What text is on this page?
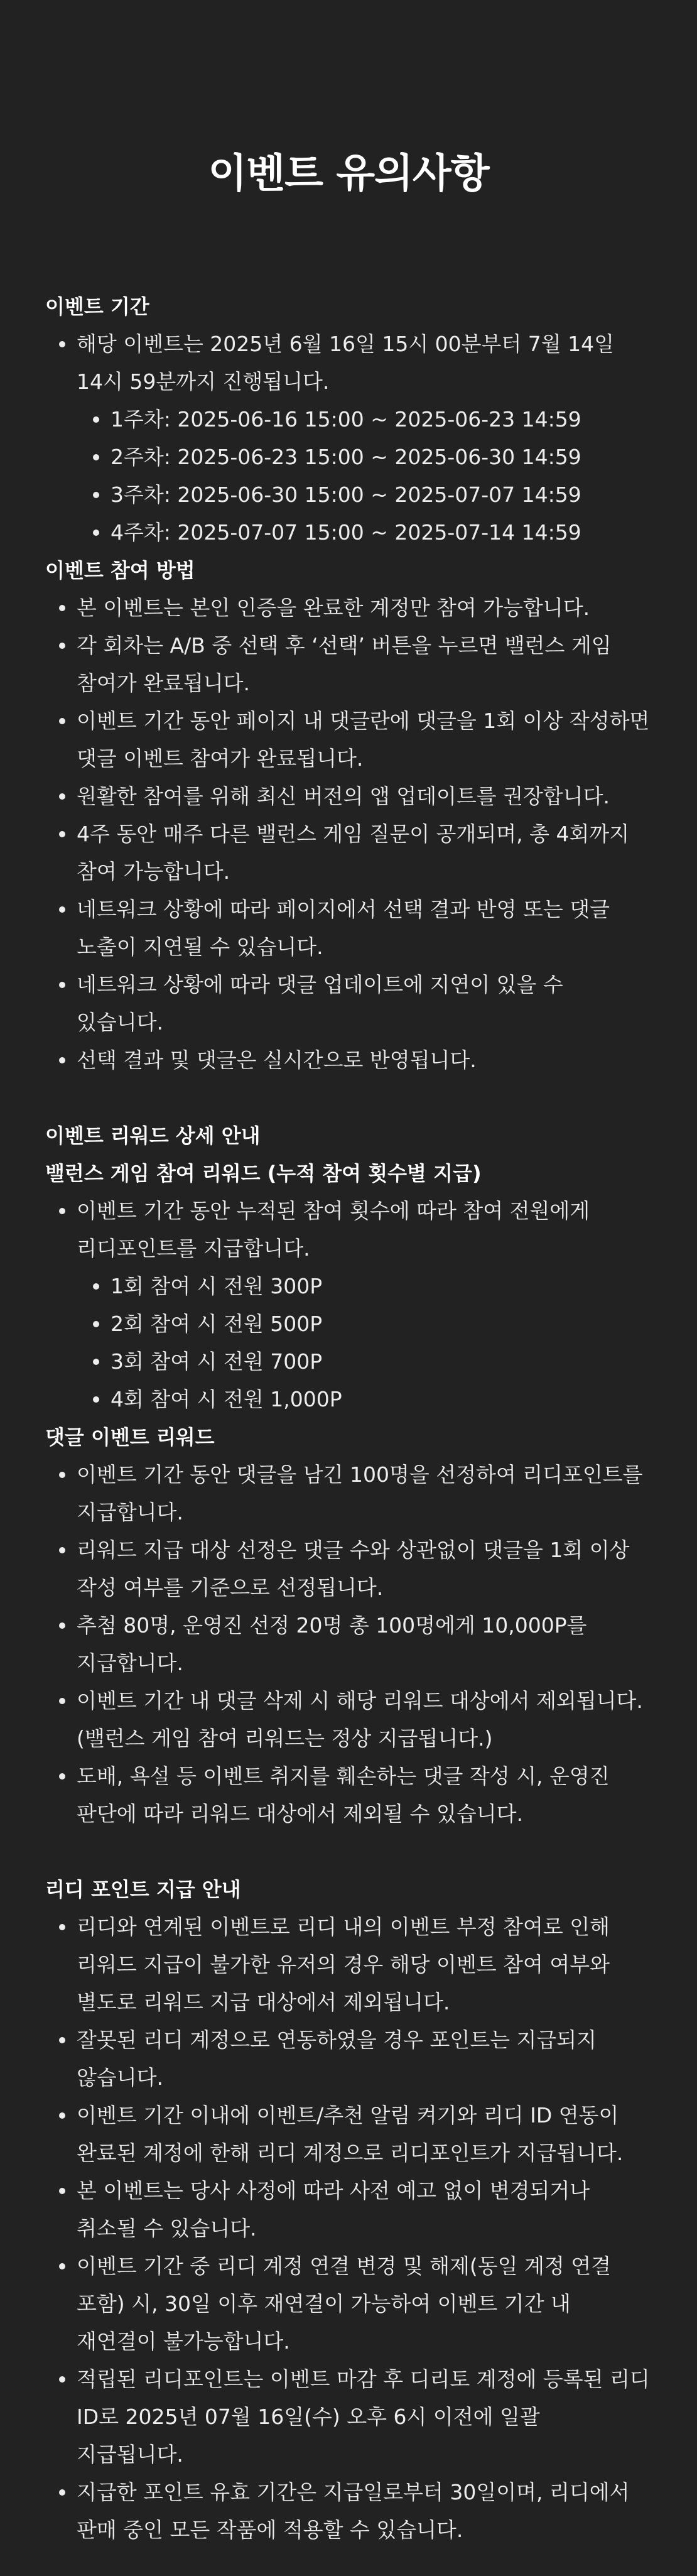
이벤트 유의사항
이벤트 기간
해당 이벤트는 2025년 6월 16일 15시 00분부터 7월 14일 14시 59분까지 진행됩니다.
1주차: 2025-06-16 15:00 ~ 2025-06-23 14:59
2주차: 2025-06-23 15:00 ~ 2025-06-30 14:59
3주차: 2025-06-30 15:00 ~ 2025-07-07 14:59
4주차: 2025-07-07 15:00 ~ 2025-07-14 14:59
이벤트 참여 방법
본 이벤트는 본인 인증을 완료한 계정만 참여 가능합니다.
각 회차는 A/B 중 선택 후 ‘선택’ 버튼을 누르면 밸런스 게임 참여가 완료됩니다.
이벤트 기간 동안 페이지 내 댓글란에 댓글을 1회 이상 작성하면 댓글 이벤트 참여가 완료됩니다.
원활한 참여를 위해 최신 버전의 앱 업데이트를 권장합니다.
4주 동안 매주 다른 밸런스 게임 질문이 공개되며, 총 4회까지 참여 가능합니다.
네트워크 상황에 따라 페이지에서 선택 결과 반영 또는 댓글 노출이 지연될 수 있습니다.
네트워크 상황에 따라 댓글 업데이트에 지연이 있을 수 있습니다.
선택 결과 및 댓글은 실시간으로 반영됩니다.
이벤트 리워드 상세 안내
밸런스 게임 참여 리워드 (누적 참여 횟수별 지급)
이벤트 기간 동안 누적된 참여 횟수에 따라 참여 전원에게 리디포인트를 지급합니다.
1회 참여 시 전원 300P
2회 참여 시 전원 500P
3회 참여 시 전원 700P
4회 참여 시 전원 1,000P
댓글 이벤트 리워드
이벤트 기간 동안 댓글을 남긴 100명을 선정하여 리디포인트를 지급합니다.
리워드 지급 대상 선정은 댓글 수와 상관없이 댓글을 1회 이상 작성 여부를 기준으로 선정됩니다.
추첨 80명, 운영진 선정 20명 총 100명에게 10,000P를 지급합니다.
이벤트 기간 내 댓글 삭제 시 해당 리워드 대상에서 제외됩니다. (밸런스 게임 참여 리워드는 정상 지급됩니다.)
도배, 욕설 등 이벤트 취지를 훼손하는 댓글 작성 시, 운영진 판단에 따라 리워드 대상에서 제외될 수 있습니다.
리디 포인트 지급 안내
리디와 연계된 이벤트로 리디 내의 이벤트 부정 참여로 인해 리워드 지급이 불가한 유저의 경우 해당 이벤트 참여 여부와 별도로 리워드 지급 대상에서 제외됩니다.
잘못된 리디 계정으로 연동하였을 경우 포인트는 지급되지 않습니다.
이벤트 기간 이내에 이벤트/추천 알림 켜기와 리디 ID 연동이 완료된 계정에 한해 리디 계정으로 리디포인트가 지급됩니다.
본 이벤트는 당사 사정에 따라 사전 예고 없이 변경되거나 취소될 수 있습니다.
이벤트 기간 중 리디 계정 연결 변경 및 해제(동일 계정 연결 포함) 시, 30일 이후 재연결이 가능하여 이벤트 기간 내 재연결이 불가능합니다.
적립된 리디포인트는 이벤트 마감 후 디리토 계정에 등록된 리디 ID로 2025년 07월 16일(수) 오후 6시 이전에 일괄 지급됩니다.
지급한 포인트 유효 기간은 지급일로부터 30일이며, 리디에서 판매 중인 모든 작품에 적용할 수 있습니다.
